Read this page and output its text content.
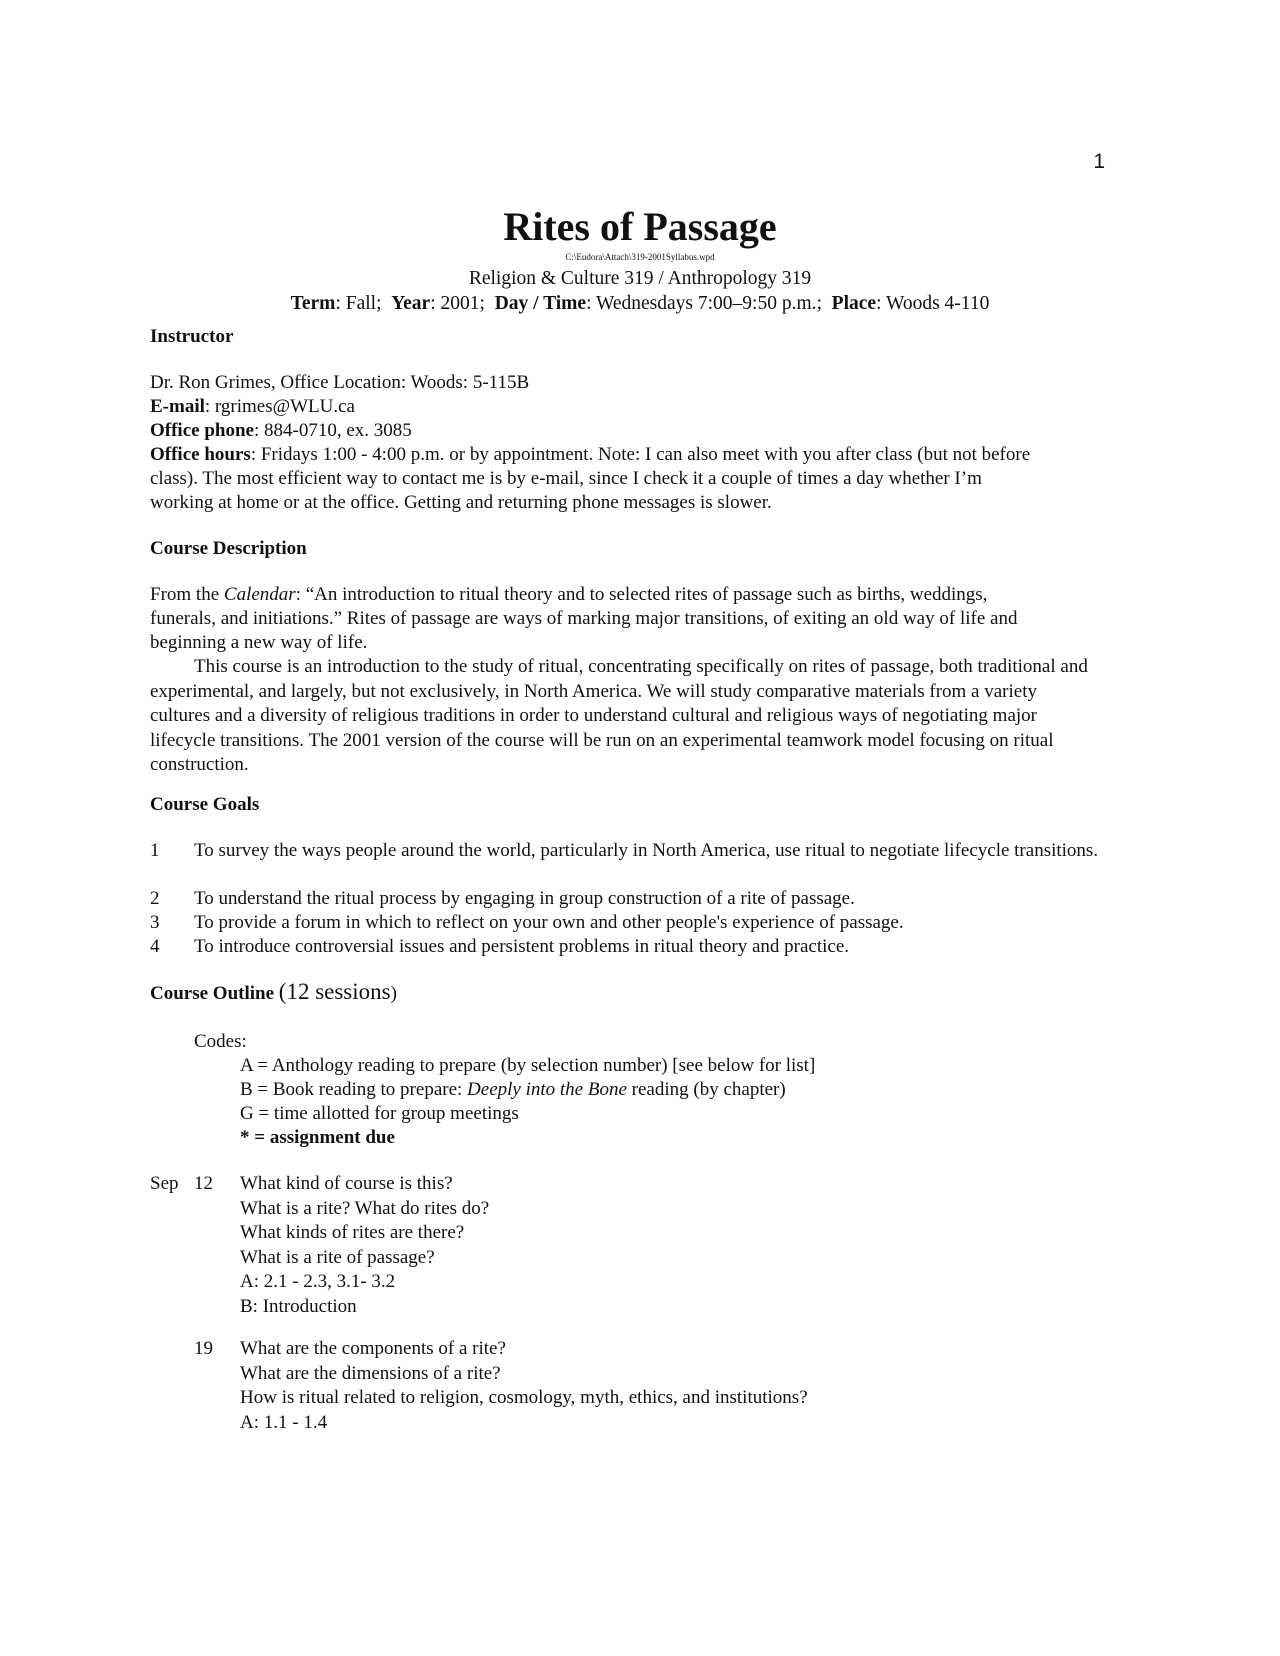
1
Rites of Passage
C:\Eudora\Attach\319-2001Syllabus.wpd
Religion & Culture 319 / Anthropology 319
Term: Fall; Year: 2001; Day / Time: Wednesdays 7:00–9:50 p.m.; Place: Woods 4-110
Instructor
Dr. Ron Grimes, Office Location: Woods: 5-115B
E-mail: rgrimes@WLU.ca
Office phone: 884-0710, ex. 3085
Office hours: Fridays 1:00 - 4:00 p.m. or by appointment. Note: I can also meet with you after class (but not before
class). The most efficient way to contact me is by e-mail, since I check it a couple of times a day whether I’m
working at home or at the office. Getting and returning phone messages is slower.
Course Description
From the Calendar: “An introduction to ritual theory and to selected rites of passage such as births, weddings,
funerals, and initiations.” Rites of passage are ways of marking major transitions, of exiting an old way of life and
beginning a new way of life.
This course is an introduction to the study of ritual, concentrating specifically on rites of passage, both traditional and experimental, and largely, but not exclusively, in North America. We will study comparative materials from a variety cultures and a diversity of religious traditions in order to understand cultural and religious ways of negotiating major lifecycle transitions. The 2001 version of the course will be run on an experimental teamwork model focusing on ritual construction.
Course Goals
1 To survey the ways people around the world, particularly in North America, use ritual to negotiate lifecycle transitions.
2 To understand the ritual process by engaging in group construction of a rite of passage.
3 To provide a forum in which to reflect on your own and other people's experience of passage.
4 To introduce controversial issues and persistent problems in ritual theory and practice.
Course Outline (12 sessions)
Codes:
A = Anthology reading to prepare (by selection number) [see below for list]
B = Book reading to prepare: Deeply into the Bone reading (by chapter)
G = time allotted for group meetings
* = assignment due
Sep 12 What kind of course is this?
What is a rite? What do rites do?
What kinds of rites are there?
What is a rite of passage?
A: 2.1 - 2.3, 3.1- 3.2
B: Introduction
19 What are the components of a rite?
What are the dimensions of a rite?
How is ritual related to religion, cosmology, myth, ethics, and institutions?
A: 1.1 - 1.4
